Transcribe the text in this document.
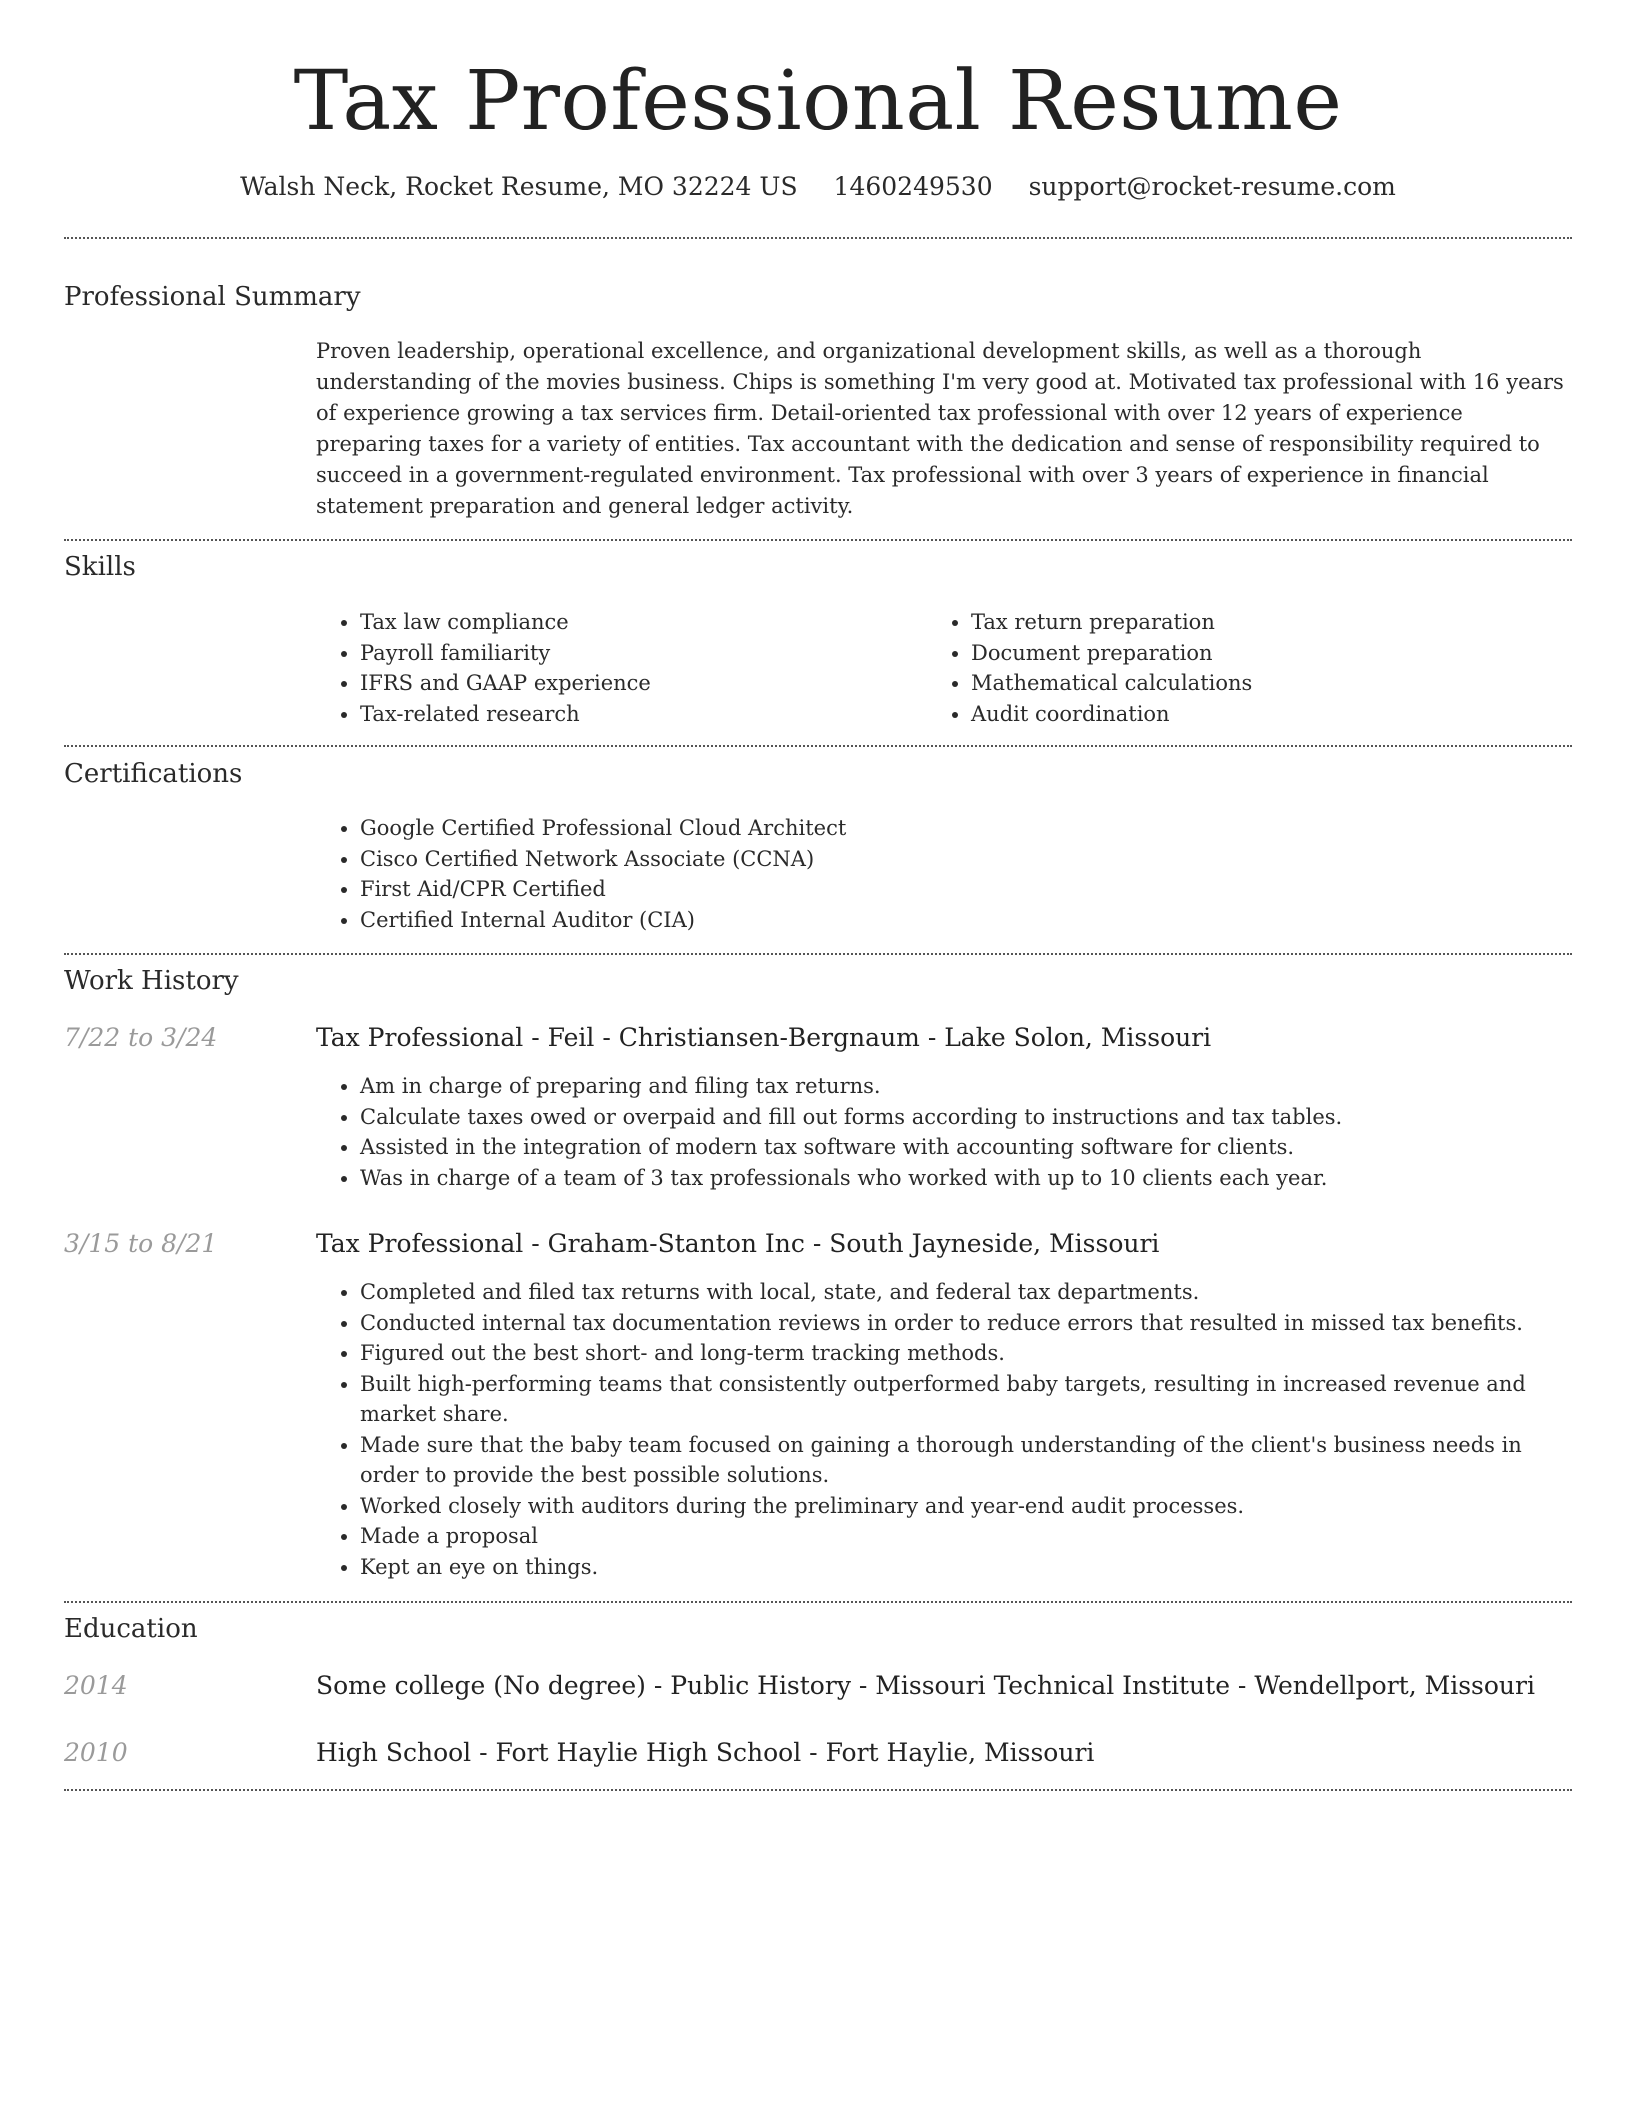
Tax Professional Resume
Walsh Neck, Rocket Resume, MO 32224 US 1460249530 support@rocket-resume.com
Professional Summary
Proven leadership, operational excellence, and organizational development skills, as well as a thorough understanding of the movies business. Chips is something I'm very good at. Motivated tax professional with 16 years of experience growing a tax services firm. Detail-oriented tax professional with over 12 years of experience preparing taxes for a variety of entities. Tax accountant with the dedication and sense of responsibility required to succeed in a government-regulated environment. Tax professional with over 3 years of experience in financial statement preparation and general ledger activity.
Skills
• Tax law compliance
• Payroll familiarity
• IFRS and GAAP experience
• Tax-related research
• Tax return preparation
• Document preparation
• Mathematical calculations
• Audit coordination
Certifications
• Google Certified Professional Cloud Architect
• Cisco Certified Network Associate (CCNA)
• First Aid/CPR Certified
• Certified Internal Auditor (CIA)
Work History
7/22 to 3/24	Tax Professional - Feil - Christiansen-Bergnaum - Lake Solon, Missouri
• Am in charge of preparing and filing tax returns.
• Calculate taxes owed or overpaid and fill out forms according to instructions and tax tables.
• Assisted in the integration of modern tax software with accounting software for clients.
• Was in charge of a team of 3 tax professionals who worked with up to 10 clients each year.
3/15 to 8/21	Tax Professional - Graham-Stanton Inc - South Jayneside, Missouri
• Completed and filed tax returns with local, state, and federal tax departments.
• Conducted internal tax documentation reviews in order to reduce errors that resulted in missed tax benefits.
• Figured out the best short- and long-term tracking methods.
• Built high-performing teams that consistently outperformed baby targets, resulting in increased revenue and market share.
• Made sure that the baby team focused on gaining a thorough understanding of the client's business needs in order to provide the best possible solutions.
• Worked closely with auditors during the preliminary and year-end audit processes.
• Made a proposal
• Kept an eye on things.
Education
2014	Some college (No degree) - Public History - Missouri Technical Institute - Wendellport, Missouri
2010	High School - Fort Haylie High School - Fort Haylie, Missouri
